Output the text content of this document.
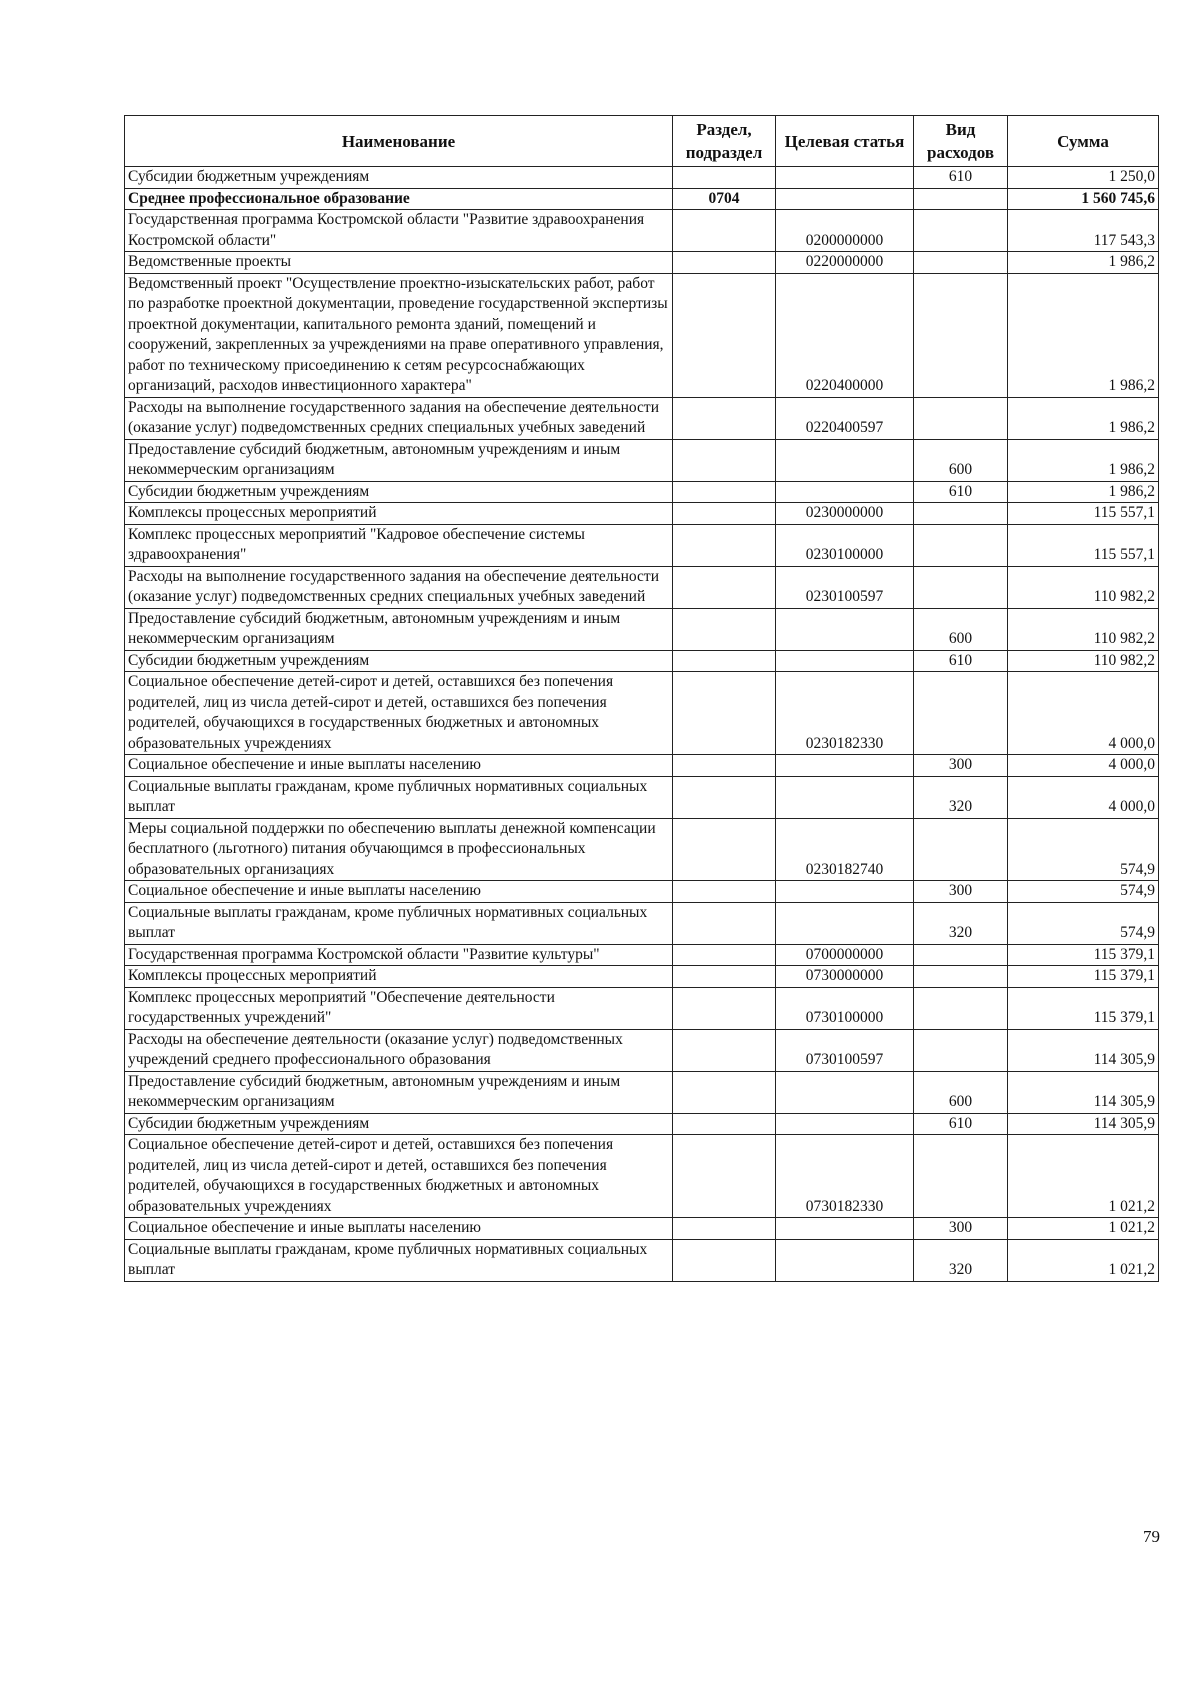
Наименование	Раздел, подраздел	Целевая статья	Вид расходов	Сумма
Субсидии бюджетным учреждениям			610	1 250,0
Среднее профессиональное образование	0704			1 560 745,6
Государственная программа Костромской области "Развитие здравоохранения Костромской области"		0200000000		117 543,3
Ведомственные проекты		0220000000		1 986,2
Ведомственный проект "Осуществление проектно-изыскательских работ, работ по разработке проектной документации, проведение государственной экспертизы проектной документации, капитального ремонта зданий, помещений и сооружений, закрепленных за учреждениями на праве оперативного управления, работ по техническому присоединению к сетям ресурсоснабжающих организаций, расходов инвестиционного характера"		0220400000		1 986,2
Расходы на выполнение государственного задания на обеспечение деятельности (оказание услуг) подведомственных средних специальных учебных заведений		0220400597		1 986,2
Предоставление субсидий бюджетным, автономным учреждениям и иным некоммерческим организациям			600	1 986,2
Субсидии бюджетным учреждениям			610	1 986,2
Комплексы процессных мероприятий		0230000000		115 557,1
Комплекс процессных мероприятий "Кадровое обеспечение системы здравоохранения"		0230100000		115 557,1
Расходы на выполнение государственного задания на обеспечение деятельности (оказание услуг) подведомственных средних специальных учебных заведений		0230100597		110 982,2
Предоставление субсидий бюджетным, автономным учреждениям и иным некоммерческим организациям			600	110 982,2
Субсидии бюджетным учреждениям			610	110 982,2
Социальное обеспечение детей-сирот и детей, оставшихся без попечения родителей, лиц из числа детей-сирот и детей, оставшихся без попечения родителей, обучающихся в государственных бюджетных и автономных образовательных учреждениях		0230182330		4 000,0
Социальное обеспечение и иные выплаты населению			300	4 000,0
Социальные выплаты гражданам, кроме публичных нормативных социальных выплат			320	4 000,0
Меры социальной поддержки по обеспечению выплаты денежной компенсации бесплатного (льготного) питания обучающимся в профессиональных образовательных организациях		0230182740		574,9
Социальное обеспечение и иные выплаты населению			300	574,9
Социальные выплаты гражданам, кроме публичных нормативных социальных выплат			320	574,9
Государственная программа Костромской области "Развитие культуры"		0700000000		115 379,1
Комплексы процессных мероприятий		0730000000		115 379,1
Комплекс процессных мероприятий "Обеспечение деятельности государственных учреждений"		0730100000		115 379,1
Расходы на обеспечение деятельности (оказание услуг) подведомственных учреждений среднего профессионального образования		0730100597		114 305,9
Предоставление субсидий бюджетным, автономным учреждениям и иным некоммерческим организациям			600	114 305,9
Субсидии бюджетным учреждениям			610	114 305,9
Социальное обеспечение детей-сирот и детей, оставшихся без попечения родителей, лиц из числа детей-сирот и детей, оставшихся без попечения родителей, обучающихся в государственных бюджетных и автономных образовательных учреждениях		0730182330		1 021,2
Социальное обеспечение и иные выплаты населению			300	1 021,2
Социальные выплаты гражданам, кроме публичных нормативных социальных выплат			320	1 021,2
79
